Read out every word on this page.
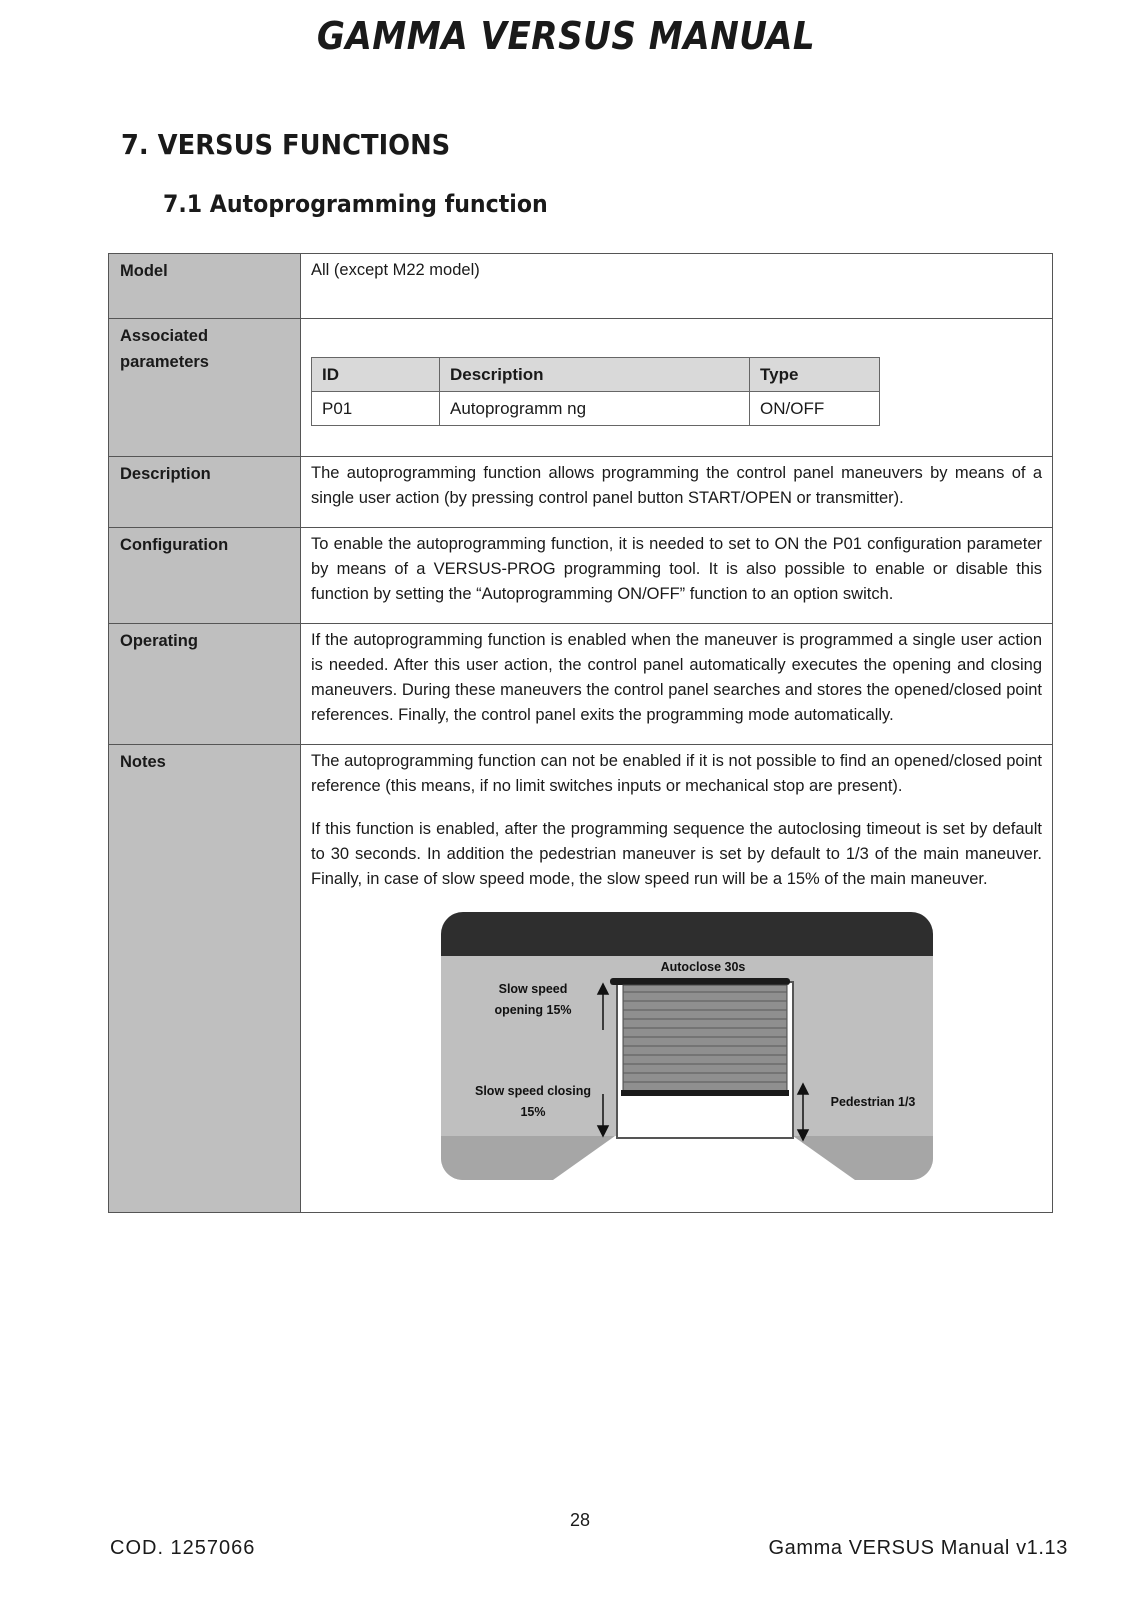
GAMMA VERSUS MANUAL
7. VERSUS FUNCTIONS
7.1 Autoprogramming function
Model	All (except M22 model)
Associated parameters	
ID	Description	Type
P01	Autoprogramm ng	ON/OFF

Description	The autoprogramming function allows programming the control panel maneuvers by means of a single user action (by pressing control panel button START/OPEN or transmitter).
Configuration	To enable the autoprogramming function, it is needed to set to ON the P01 configuration parameter by means of a VERSUS-PROG programming tool. It is also possible to enable or disable this function by setting the “Autoprogramming ON/OFF” function to an option switch.
Operating	If the autoprogramming function is enabled when the maneuver is programmed a single user action is needed. After this user action, the control panel automatically executes the opening and closing maneuvers. During these maneuvers the control panel searches and stores the opened/closed point references. Finally, the control panel exits the programming mode automatically.
Notes	The autoprogramming function can not be enabled if it is not possible to find an opened/closed point reference (this means, if no limit switches inputs or mechanical stop are present).

If this function is enabled, after the programming sequence the autoclosing timeout is set by default to 30 seconds. In addition the pedestrian maneuver is set by default to 1/3 of the main maneuver. Finally, in case of slow speed mode, the slow speed run will be a 15% of the main maneuver.

Autoclose 30s
Slow speed
opening 15%
Slow speed closing
15%
Pedestrian 1/3
28
COD. 1257066	Gamma VERSUS Manual v1.13
